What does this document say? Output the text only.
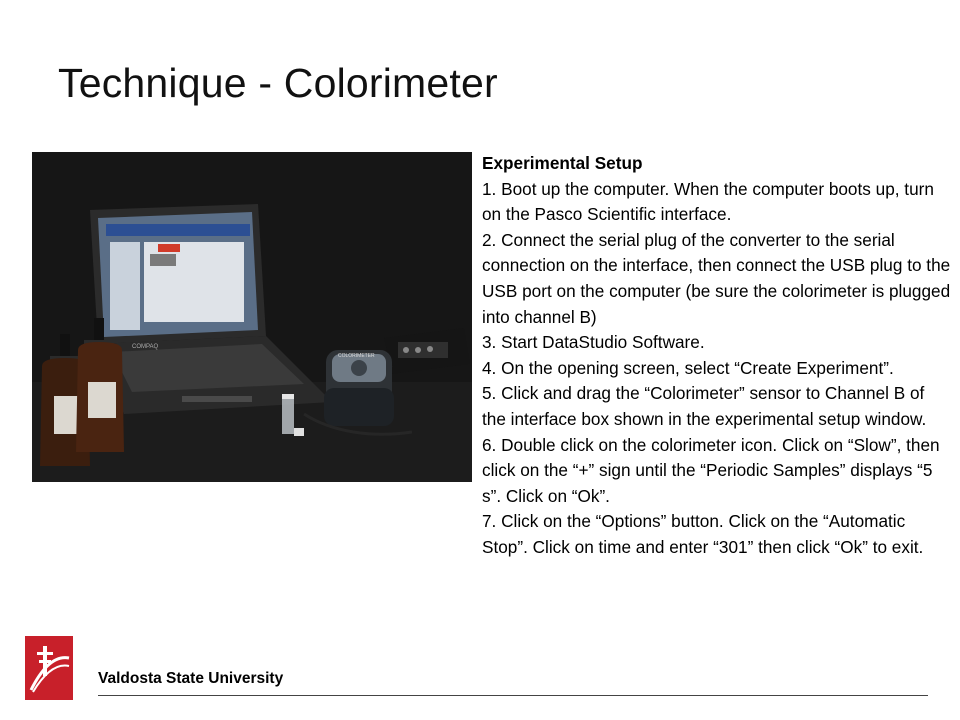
Technique - Colorimeter
COMPAQ
COLORIMETER
Experimental Setup
1. Boot up the computer. When the computer boots up, turn on the Pasco Scientific interface.
2. Connect the serial plug of the converter to the serial connection on the interface, then connect the USB plug to the USB port on the computer (be sure the colorimeter is plugged into channel B)
3. Start DataStudio Software.
4. On the opening screen, select “Create Experiment”.
5. Click and drag the “Colorimeter” sensor to Channel B of the interface box shown in the experimental setup window.
6. Double click on the colorimeter icon. Click on “Slow”, then click on the “+” sign until the “Periodic Samples” displays “5 s”. Click on “Ok”.
7. Click on the “Options” button. Click on the “Automatic Stop”. Click on time and enter “301” then click “Ok” to exit.
Valdosta State University
